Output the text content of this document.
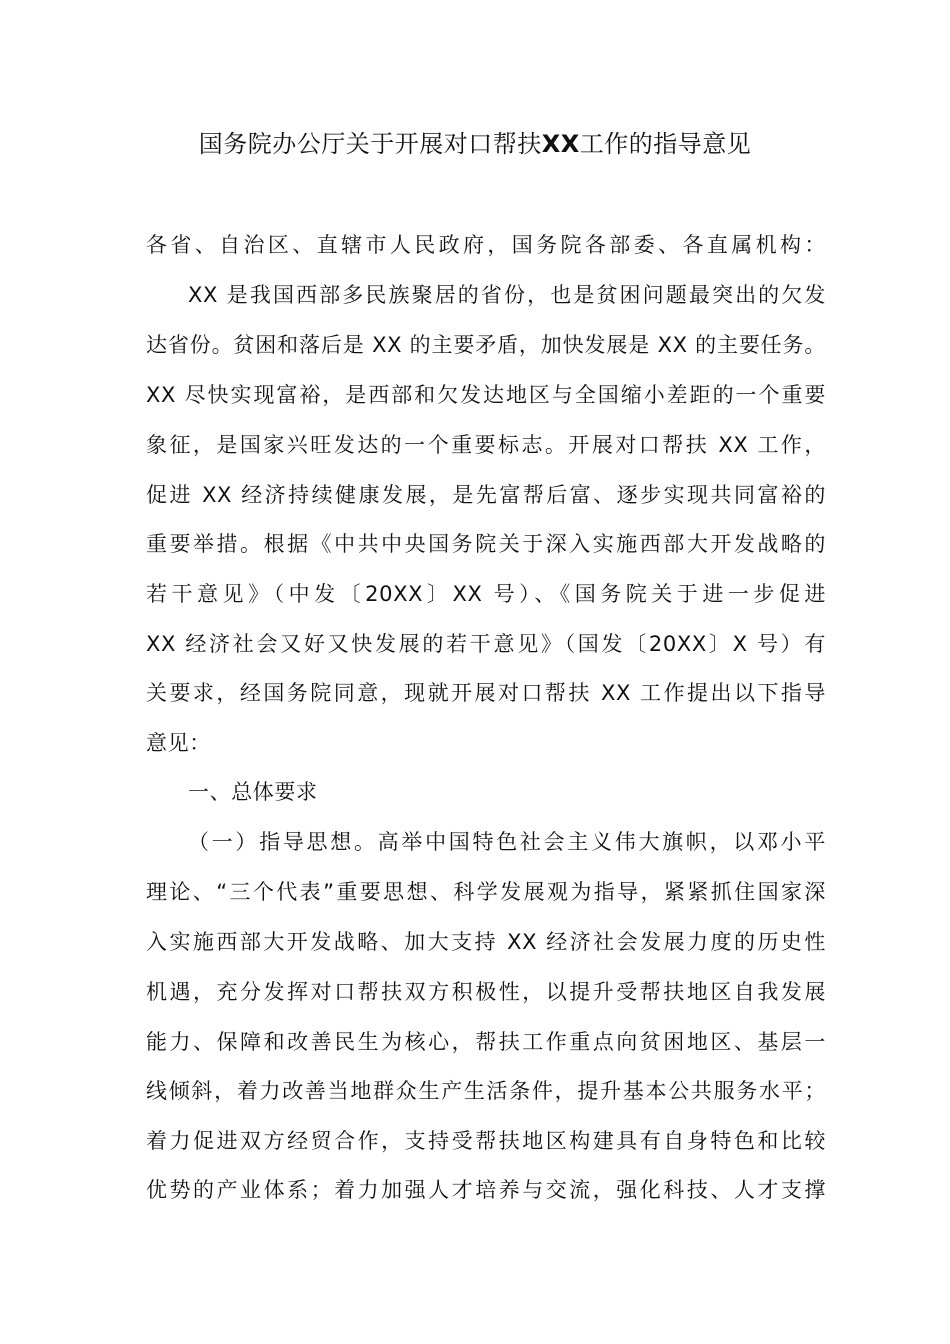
国务院办公厅关于开展对口帮扶XX工作的指导意见

各省、自治区、直辖市人民政府，国务院各部委、各直属机构：

XX 是我国西部多民族聚居的省份，也是贫困问题最突出的欠发

达省份。贫困和落后是 XX 的主要矛盾，加快发展是 XX 的主要任务。

XX 尽快实现富裕，是西部和欠发达地区与全国缩小差距的一个重要

象征，是国家兴旺发达的一个重要标志。开展对口帮扶 XX 工作，

促进 XX 经济持续健康发展，是先富帮后富、逐步实现共同富裕的

重要举措。根据《中共中央国务院关于深入实施西部大开发战略的

若干意见》（中发〔20XX〕XX 号）、《国务院关于进一步促进

XX 经济社会又好又快发展的若干意见》（国发〔20XX〕X 号）有

关要求，经国务院同意，现就开展对口帮扶 XX 工作提出以下指导

意见：

一、总体要求

（一）指导思想。高举中国特色社会主义伟大旗帜，以邓小平

理论、“三个代表”重要思想、科学发展观为指导，紧紧抓住国家深

入实施西部大开发战略、加大支持 XX 经济社会发展力度的历史性

机遇，充分发挥对口帮扶双方积极性，以提升受帮扶地区自我发展

能力、保障和改善民生为核心，帮扶工作重点向贫困地区、基层一

线倾斜，着力改善当地群众生产生活条件，提升基本公共服务水平；

着力促进双方经贸合作，支持受帮扶地区构建具有自身特色和比较

优势的产业体系；着力加强人才培养与交流，强化科技、人才支撑
